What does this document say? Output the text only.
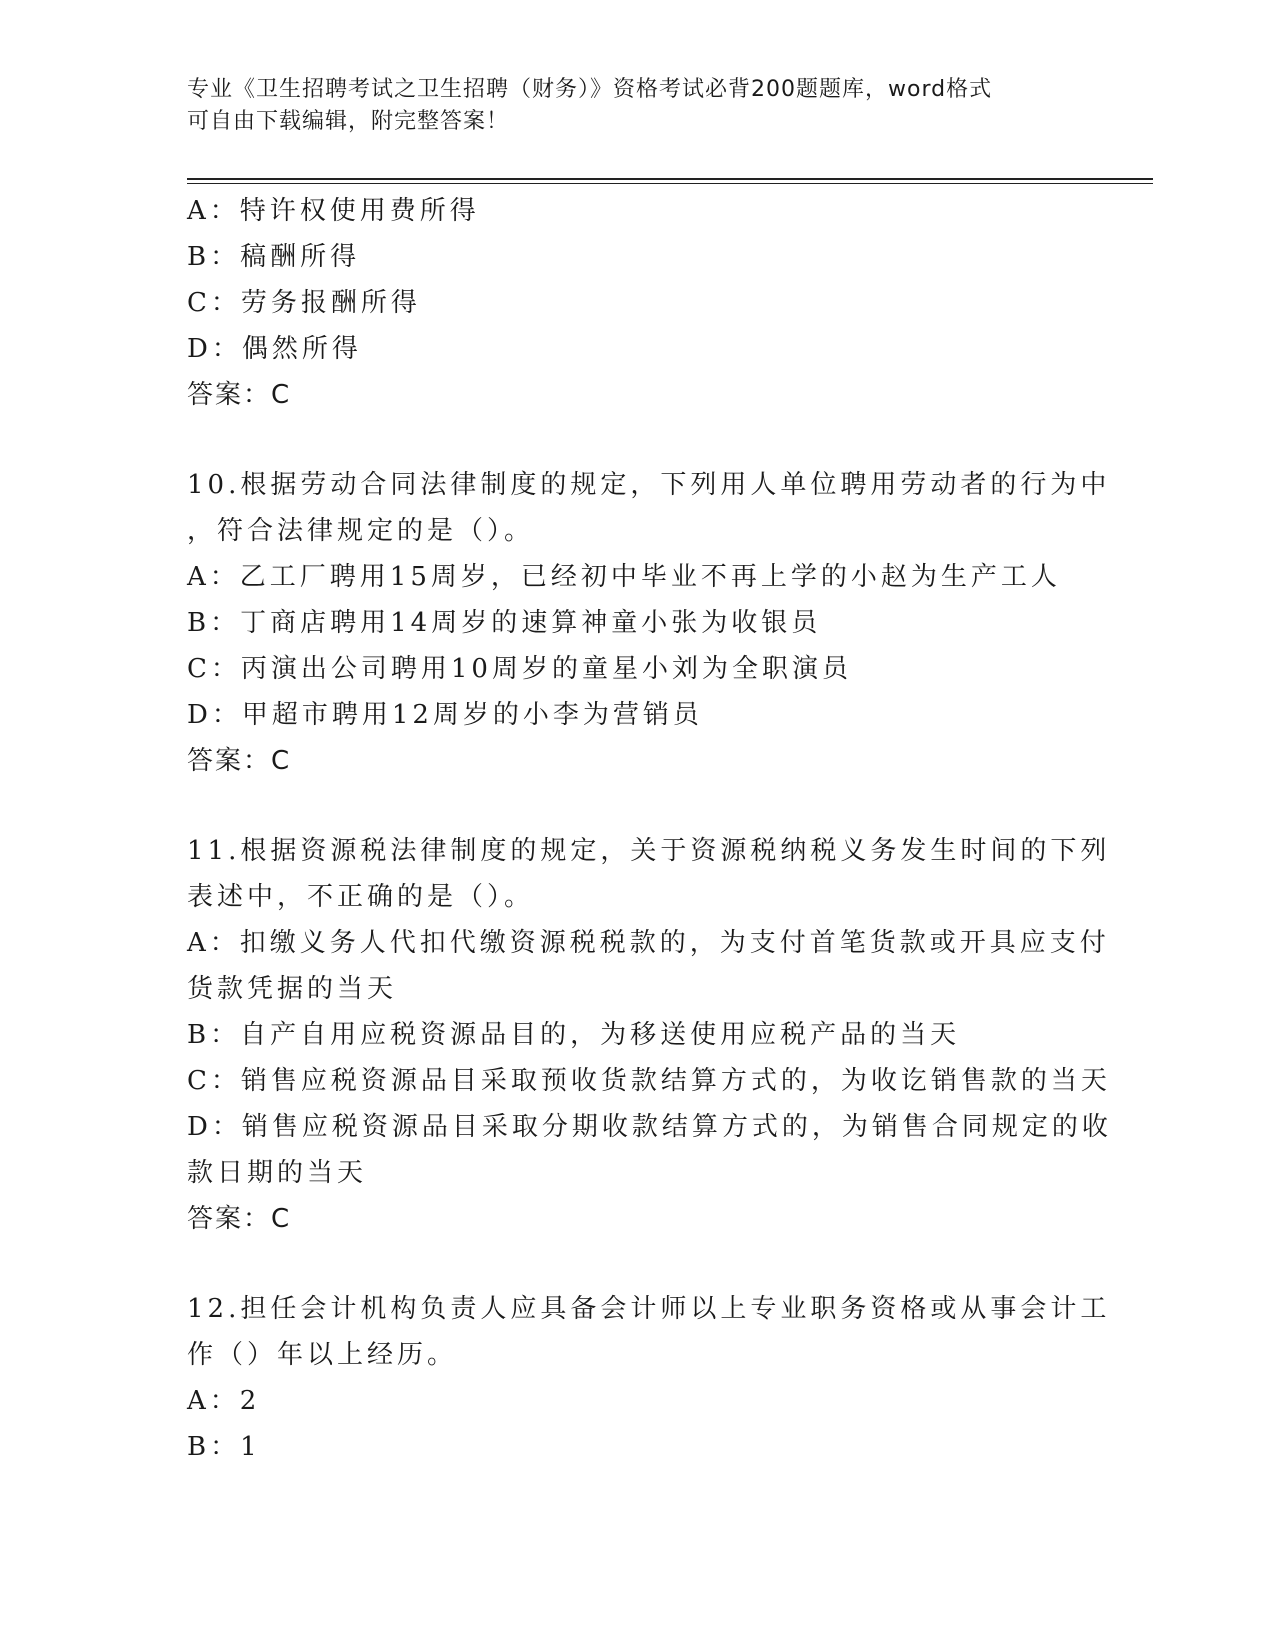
专业《卫生招聘考试之卫生招聘（财务）》资格考试必背200题题库，word格式
可自由下载编辑，附完整答案！
A：特许权使用费所得
B：稿酬所得
C：劳务报酬所得
D：偶然所得
答案：C
10.根据劳动合同法律制度的规定，下列用人单位聘用劳动者的行为中
，符合法律规定的是（）。
A：乙工厂聘用15周岁，已经初中毕业不再上学的小赵为生产工人
B：丁商店聘用14周岁的速算神童小张为收银员
C：丙演出公司聘用10周岁的童星小刘为全职演员
D：甲超市聘用12周岁的小李为营销员
答案：C
11.根据资源税法律制度的规定，关于资源税纳税义务发生时间的下列
表述中，不正确的是（）。
A：扣缴义务人代扣代缴资源税税款的，为支付首笔货款或开具应支付
货款凭据的当天
B：自产自用应税资源品目的，为移送使用应税产品的当天
C：销售应税资源品目采取预收货款结算方式的，为收讫销售款的当天
D：销售应税资源品目采取分期收款结算方式的，为销售合同规定的收
款日期的当天
答案：C
12.担任会计机构负责人应具备会计师以上专业职务资格或从事会计工
作（）年以上经历。
A：2
B：1
